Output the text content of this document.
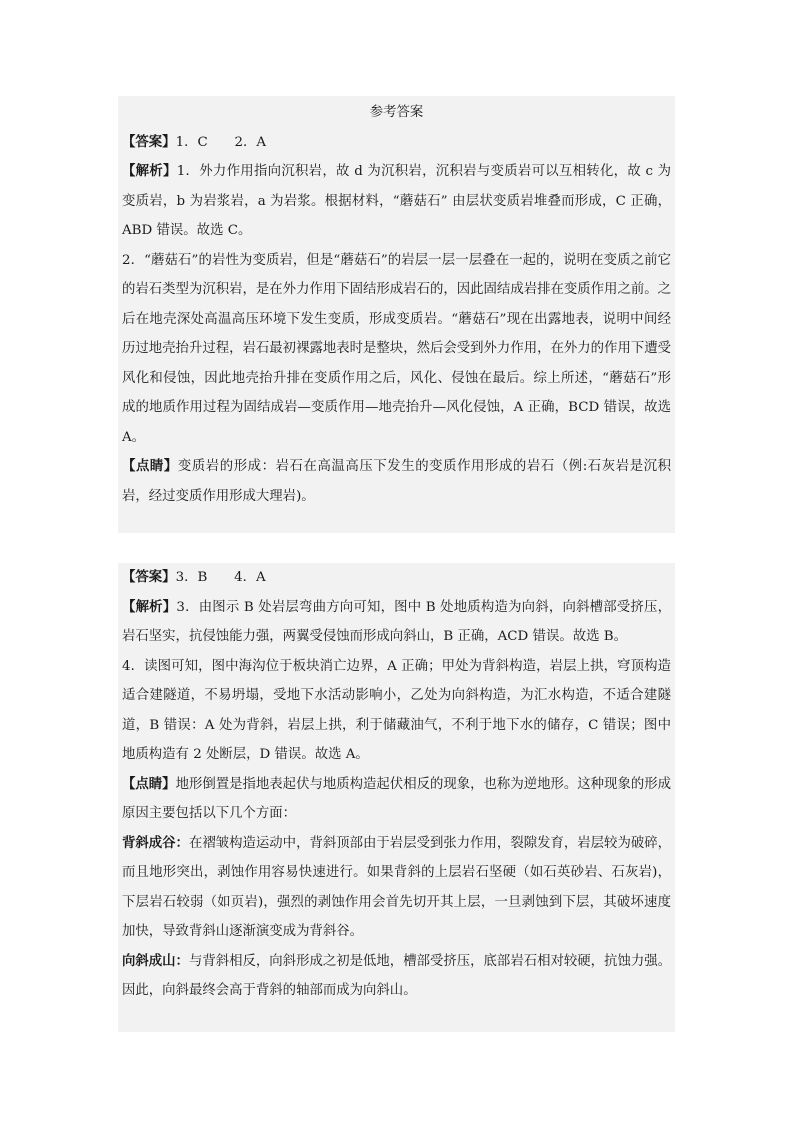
参考答案

【答案】1．C　　2．A

【解析】1．外力作用指向沉积岩，故 d 为沉积岩，沉积岩与变质岩可以互相转化，故 c 为变质岩，b 为岩浆岩，a 为岩浆。根据材料，“蘑菇石” 由层状变质岩堆叠而形成，C 正确，ABD 错误。故选 C。

2．“蘑菇石”的岩性为变质岩，但是“蘑菇石”的岩层一层一层叠在一起的，说明在变质之前它的岩石类型为沉积岩，是在外力作用下固结形成岩石的，因此固结成岩排在变质作用之前。之后在地壳深处高温高压环境下发生变质，形成变质岩。“蘑菇石”现在出露地表，说明中间经历过地壳抬升过程，岩石最初裸露地表时是整块，然后会受到外力作用，在外力的作用下遭受风化和侵蚀，因此地壳抬升排在变质作用之后，风化、侵蚀在最后。综上所述，“蘑菇石”形成的地质作用过程为固结成岩—变质作用—地壳抬升—风化侵蚀，A 正确，BCD 错误，故选 A。

【点睛】变质岩的形成：岩石在高温高压下发生的变质作用形成的岩石（例:石灰岩是沉积岩，经过变质作用形成大理岩)。

【答案】3．B　　4．A

【解析】3．由图示 B 处岩层弯曲方向可知，图中 B 处地质构造为向斜，向斜槽部受挤压，岩石坚实，抗侵蚀能力强，两翼受侵蚀而形成向斜山，B 正确，ACD 错误。故选 B。

4．读图可知，图中海沟位于板块消亡边界，A 正确；甲处为背斜构造，岩层上拱，穹顶构造适合建隧道，不易坍塌，受地下水活动影响小，乙处为向斜构造，为汇水构造，不适合建隧道，B 错误：A 处为背斜，岩层上拱，利于储藏油气，不利于地下水的储存，C 错误；图中地质构造有 2 处断层，D 错误。故选 A。

【点睛】地形倒置是指地表起伏与地质构造起伏相反的现象，也称为逆地形。这种现象的形成原因主要包括以下几个方面：

背斜成谷：在褶皱构造运动中，背斜顶部由于岩层受到张力作用，裂隙发育，岩层较为破碎，而且地形突出，剥蚀作用容易快速进行。如果背斜的上层岩石坚硬（如石英砂岩、石灰岩)，下层岩石较弱（如页岩)，强烈的剥蚀作用会首先切开其上层，一旦剥蚀到下层，其破坏速度加快，导致背斜山逐渐演变成为背斜谷。

向斜成山：与背斜相反，向斜形成之初是低地，槽部受挤压，底部岩石相对较硬，抗蚀力强。因此，向斜最终会高于背斜的轴部而成为向斜山。
